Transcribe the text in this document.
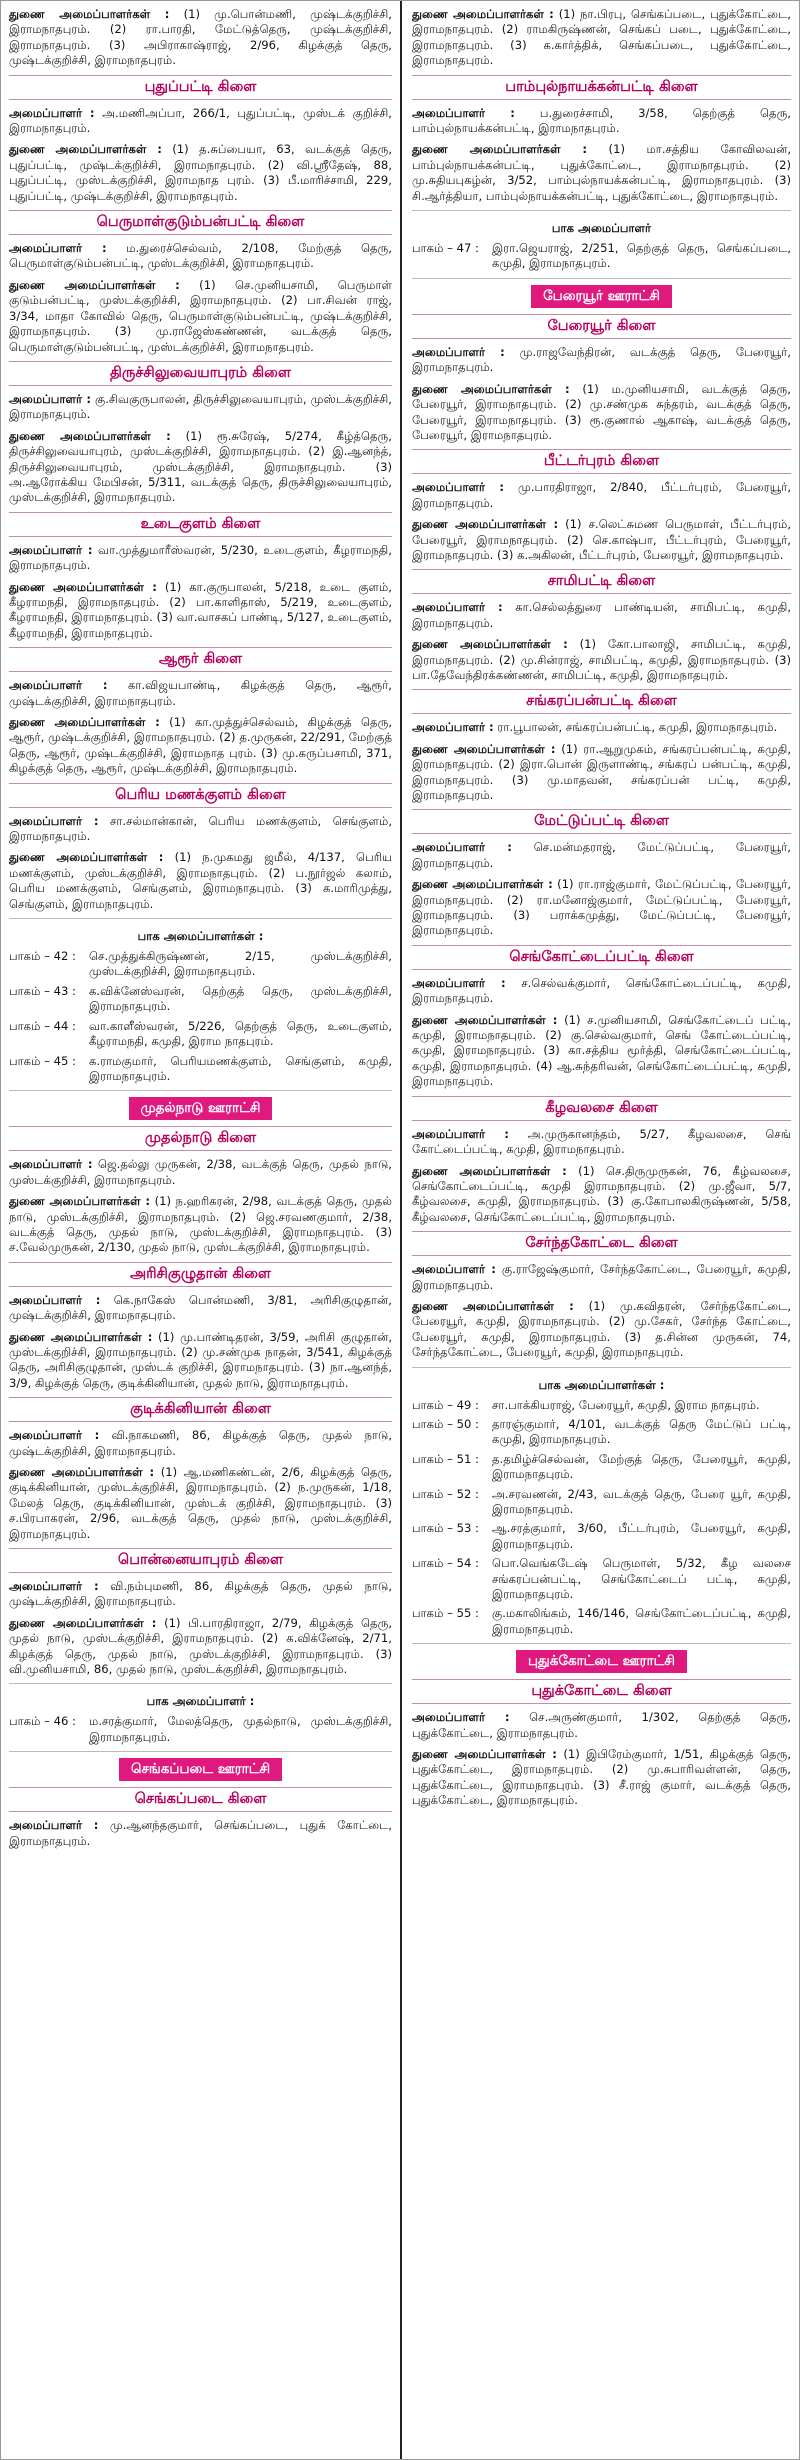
துணை அமைப்பாளர்கள் : (1) மு.பொன்மணி, முஷ்டக்குறிச்சி, இராமநாதபுரம். (2) ரா.பாரதி, மேட்டுத்தெரு, முஷ்டக்குறிச்சி, இராமநாதபுரம். (3) அபிராகாஷ்ராஜ், 2/96, கிழக்குத் தெரு, முஷ்டக்குறிச்சி, இராமநாதபுரம்.

புதுப்பட்டி கிளை

அமைப்பாளர் : அ.மணிஅப்பா, 266/1, புதுப்பட்டி, முஸ்டக் குறிச்சி, இராமநாதபுரம்.

துணை அமைப்பாளர்கள் : (1) த.சுப்பையா, 63, வடக்குத் தெரு, புதுப்பட்டி, முஷ்டக்குறிச்சி, இராமநாதபுரம். (2) வி.ஸ்ரீதேஷ், 88, புதுப்பட்டி, முஸ்டக்குறிச்சி, இராமநாத புரம். (3) பீ.மாரிச்சாமி, 229, புதுப்பட்டி, முஷ்டக்குறிச்சி, இராமநாதபுரம்.

பெருமாள்குடும்பன்பட்டி கிளை

அமைப்பாளர் : ம.துரைச்செல்வம், 2/108, மேற்குத் தெரு, பெருமாள்குடும்பன்பட்டி, முஸ்டக்குறிச்சி, இராமநாதபுரம்.

துணை அமைப்பாளர்கள் : (1) செ.முனியசாமி, பெருமாள் குடும்பன்பட்டி, முஸ்டக்குறிச்சி, இராமநாதபுரம். (2) பா.சிவன் ராஜ், 3/34, மாதா கோவில் தெரு, பெருமாள்குடும்பன்பட்டி, முஷ்டக்குறிச்சி, இராமநாதபுரம். (3) மு.ராஜேஸ்கண்ணன், வடக்குத் தெரு, பெருமாள்குடும்பன்பட்டி, முஸ்டக்குறிச்சி, இராமநாதபுரம்.

திருச்சிலுவையாபுரம் கிளை

அமைப்பாளர் : கு.சிவகுருபாலன், திருச்சிலுவையாபுரம், முஸ்டக்குறிச்சி, இராமநாதபுரம்.

துணை அமைப்பாளர்கள் : (1) ரூ.சுரேஷ், 5/274, கீழ்த்தெரு, திருச்சிலுவையாபுரம், முஸ்டக்குறிச்சி, இராமநாதபுரம். (2) இ.ஆனந்த், திருச்சிலுவையாபுரம், முஸ்டக்குறிச்சி, இராமநாதபுரம். (3) அ.ஆரோக்கிய மேபிசன், 5/311, வடக்குத் தெரு, திருச்சிலுவையாபுரம், முஸ்டக்குறிச்சி, இராமநாதபுரம்.

உடைகுளம் கிளை

அமைப்பாளர் : வா.முத்துமாரீஸ்வரன், 5/230, உடைகுளம், கீழராமநதி, இராமநாதபுரம்.

துணை அமைப்பாளர்கள் : (1) கா.குருபாலன், 5/218, உடை குளம், கீழராமநதி, இராமநாதபுரம். (2) பா.காளிதாஸ், 5/219, உடைகுளம், கீழராமநதி, இராமநாதபுரம். (3) வா.வாசகப் பாண்டி, 5/127, உடைகுளம், கீழராமநதி, இராமநாதபுரம்.

ஆரூர் கிளை

அமைப்பாளர் : கா.விஜயபாண்டி, கிழக்குத் தெரு, ஆரூர், முஷ்டக்குறிச்சி, இராமநாதபுரம்.

துணை அமைப்பாளர்கள் : (1) கா.முத்துச்செல்வம், கிழக்குத் தெரு, ஆரூர், முஷ்டக்குறிச்சி, இராமநாதபுரம். (2) த.முருகன், 22/291, மேற்குத் தெரு, ஆரூர், முஷ்டக்குறிச்சி, இராமநாத புரம். (3) மு.கருப்பசாமி, 371, கிழக்குத் தெரு, ஆரூர், முஷ்டக்குறிச்சி, இராமநாதபுரம்.

பெரிய மணக்குளம் கிளை

அமைப்பாளர் : சா.சல்மான்கான், பெரிய மணக்குளம், செங்குளம், இராமநாதபுரம்.

துணை அமைப்பாளர்கள் : (1) ந.முகமது ஜமீல், 4/137, பெரிய மணக்குளம், முஸ்டக்குறிச்சி, இராமநாதபுரம். (2) ப.நூர்ஜல் கலாம், பெரிய மணக்குளம், செங்குளம், இராமநாதபுரம். (3) க.மாரிமுத்து, செங்குளம், இராமநாதபுரம்.

பாக அமைப்பாளர்கள் :
பாகம் – 42 :	செ.முத்துக்கிருஷ்ணன், 2/15, முஸ்டக்குறிச்சி, முஸ்டக்குறிச்சி, இராமநாதபுரம்.
பாகம் – 43 :	க.விக்னேஸ்வரன், தெற்குத் தெரு, முஸ்டக்குறிச்சி, இராமநாதபுரம்.
பாகம் – 44 :	வா.காளீஸ்வரன், 5/226, தெற்குத் தெரு, உடைகுளம், கீழராமநதி, கமுதி, இராம நாதபுரம்.
பாகம் – 45 :	க.ராமகுமார், பெரியமணக்குளம், செங்குளம், கமுதி, இராமநாதபுரம்.
முதல்நாடு ஊராட்சி
முதல்நாடு கிளை

அமைப்பாளர் : ஜெ.தல்லு முருகன், 2/38, வடக்குத் தெரு, முதல் நாடு, முஸ்டக்குறிச்சி, இராமநாதபுரம்.

துணை அமைப்பாளர்கள் : (1) ந.ஹரிகரன், 2/98, வடக்குத் தெரு, முதல் நாடு, முஸ்டக்குறிச்சி, இராமநாதபுரம். (2) ஜெ.சரவணகுமார், 2/38, வடக்குத் தெரு, முதல் நாடு, முஸ்டக்குறிச்சி, இராமநாதபுரம். (3) ச.வேல்முருகன், 2/130, முதல் நாடு, முஸ்டக்குறிச்சி, இராமநாதபுரம்.

அரிசிகுழுதான் கிளை

அமைப்பாளர் : கெ.நாகேஸ் பொன்மணி, 3/81, அரிசிகுழுதான், முஷ்டக்குறிச்சி, இராமநாதபுரம்.

துணை அமைப்பாளர்கள் : (1) மு.பாண்டிதரன், 3/59, அரிசி குழுதான், முஸ்டக்குறிச்சி, இராமநாதபுரம். (2) மு.சண்முக நாதன், 3/541, கிழக்குத் தெரு, அரிசிகுழுதான், முஸ்டக் குறிச்சி, இராமநாதபுரம். (3) நா.ஆனந்த், 3/9, கிழக்குத் தெரு, குடிக்கினியான், முதல் நாடு, இராமநாதபுரம்.

குடிக்கினியான் கிளை

அமைப்பாளர் : வி.நாகமணி, 86, கிழக்குத் தெரு, முதல் நாடு, முஷ்டக்குறிச்சி, இராமநாதபுரம்.

துணை அமைப்பாளர்கள் : (1) ஆ.மணிகண்டன், 2/6, கிழக்குத் தெரு, குடிக்கினியான், முஸ்டக்குறிச்சி, இராமநாதபுரம். (2) ந.முருகன், 1/18, மேலத் தெரு, குடிக்கினியான், முஸ்டக் குறிச்சி, இராமநாதபுரம். (3) ச.பிரபாகரன், 2/96, வடக்குத் தெரு, முதல் நாடு, முஸ்டக்குறிச்சி, இராமநாதபுரம்.

பொன்னையாபுரம் கிளை

அமைப்பாளர் : வி.நம்புமணி, 86, கிழக்குத் தெரு, முதல் நாடு, முஷ்டக்குறிச்சி, இராமநாதபுரம்.

துணை அமைப்பாளர்கள் : (1) பி.பாரதிராஜா, 2/79, கிழக்குத் தெரு, முதல் நாடு, முஸ்டக்குறிச்சி, இராமநாதபுரம். (2) க.விக்னேஷ், 2/71, கிழக்குத் தெரு, முதல் நாடு, முஸ்டக்குறிச்சி, இராமநாதபுரம். (3) வி.முனியசாமி, 86, முதல் நாடு, முஸ்டக்குறிச்சி, இராமநாதபுரம்.

பாக அமைப்பாளர் :
பாகம் – 46 :	ம.சரத்குமார், மேலத்தெரு, முதல்நாடு, முஸ்டக்குறிச்சி, இராமநாதபுரம்.
செங்கப்படை ஊராட்சி
செங்கப்படை கிளை

அமைப்பாளர் : மு.ஆனந்தகுமார், செங்கப்படை, புதுக் கோட்டை, இராமநாதபுரம்.

துணை அமைப்பாளர்கள் : (1) நா.பிரபு, செங்கப்படை, புதுக்கோட்டை, இராமநாதபுரம். (2) ராமகிருஷ்ணன், செங்கப் படை, புதுக்கோட்டை, இராமநாதபுரம். (3) க.கார்த்திக், செங்கப்படை, புதுக்கோட்டை, இராமநாதபுரம்.

பாம்புல்நாயக்கன்பட்டி கிளை

அமைப்பாளர் : ப.துரைச்சாமி, 3/58, தெற்குத் தெரு, பாம்புல்நாயக்கன்பட்டி, இராமநாதபுரம்.

துணை அமைப்பாளர்கள் : (1) மா.சத்திய கோவிலவன், பாம்புல்நாயக்கன்பட்டி, புதுக்கோட்டை, இராமநாதபுரம். (2) மு.சுதியபுகழ்ன், 3/52, பாம்புல்நாயக்கன்பட்டி, இராமநாதபுரம். (3) சி.ஆர்த்தியா, பாம்புல்நாயக்கன்பட்டி, புதுக்கோட்டை, இராமநாதபுரம்.

பாக அமைப்பாளர்
பாகம் – 47 :	இரா.ஜெயராஜ், 2/251, தெற்குத் தெரு, செங்கப்படை, கமுதி, இராமநாதபுரம்.
பேரையூர் ஊராட்சி
பேரையூர் கிளை

அமைப்பாளர் : மு.ராஜவேந்திரன், வடக்குத் தெரு, பேரையூர், இராமநாதபுரம்.

துணை அமைப்பாளர்கள் : (1) ம.முனியசாமி, வடக்குத் தெரு, பேரையூர், இராமநாதபுரம். (2) மு.சண்முக சுந்தரம், வடக்குத் தெரு, பேரையூர், இராமநாதபுரம். (3) ரூ.குணால் ஆகாஷ், வடக்குத் தெரு, பேரையூர், இராமநாதபுரம்.

பீட்டர்புரம் கிளை

அமைப்பாளர் : மு.பாரதிராஜா, 2/840, பீட்டர்புரம், பேரையூர், இராமநாதபுரம்.

துணை அமைப்பாளர்கள் : (1) ச.லெட்சுமண பெருமாள், பீட்டர்புரம், பேரையூர், இராமநாதபுரம். (2) செ.காஷ்பா, பீட்டர்புரம், பேரையூர், இராமநாதபுரம். (3) க.அகிலன், பீட்டர்புரம், பேரையூர், இராமநாதபுரம்.

சாமிபட்டி கிளை

அமைப்பாளர் : கா.செல்லத்துரை பாண்டியன், சாமிபட்டி, கமுதி, இராமநாதபுரம்.

துணை அமைப்பாளர்கள் : (1) கோ.பாலாஜி, சாமிபட்டி, கமுதி, இராமநாதபுரம். (2) மு.சின்ராஜ், சாமிபட்டி, கமுதி, இராமநாதபுரம். (3) பா.தேவேந்திரக்கண்ணன், சாமிபட்டி, கமுதி, இராமநாதபுரம்.

சங்கரப்பன்பட்டி கிளை

அமைப்பாளர் : ரா.பூபாலன், சங்கரப்பன்பட்டி, கமுதி, இராமநாதபுரம்.

துணை அமைப்பாளர்கள் : (1) ரா.ஆறுமுகம், சங்கரப்பன்பட்டி, கமுதி, இராமநாதபுரம். (2) இரா.பொன் இருளாண்டி, சங்கரப் பன்பட்டி, கமுதி, இராமநாதபுரம். (3) மு.மாதவன், சங்கரப்பன் பட்டி, கமுதி, இராமநாதபுரம்.

மேட்டுப்பட்டி கிளை

அமைப்பாளர் : செ.மன்மதராஜ், மேட்டுப்பட்டி, பேரையூர், இராமநாதபுரம்.

துணை அமைப்பாளர்கள் : (1) ரா.ராஜ்குமார், மேட்டுப்பட்டி, பேரையூர், இராமநாதபுரம். (2) ரா.மனோஜ்குமார், மேட்டுப்பட்டி, பேரையூர், இராமநாதபுரம். (3) பராக்கமுத்து, மேட்டுப்பட்டி, பேரையூர், இராமநாதபுரம்.

செங்கோட்டைப்பட்டி கிளை

அமைப்பாளர் : ச.செல்வக்குமார், செங்கோட்டைப்பட்டி, கமுதி, இராமநாதபுரம்.

துணை அமைப்பாளர்கள் : (1) ச.முனியசாமி, செங்கோட்டைப் பட்டி, கமுதி, இராமநாதபுரம். (2) கு.செல்வகுமார், செங் கோட்டைப்பட்டி, கமுதி, இராமநாதபுரம். (3) கா.சத்திய மூர்த்தி, செங்கோட்டைப்பட்டி, கமுதி, இராமநாதபுரம். (4) ஆ.சுந்தரிவன், செங்கோட்டைப்பட்டி, கமுதி, இராமநாதபுரம்.

கீழவலசை கிளை

அமைப்பாளர் : அ.முருகானந்தம், 5/27, கீழவலசை, செங் கோட்டைப்பட்டி, கமுதி, இராமநாதபுரம்.

துணை அமைப்பாளர்கள் : (1) செ.திருமுருகன், 76, கீழ்வலசை, செங்கோட்டைப்பட்டி, கமுதி இராமநாதபுரம். (2) மு.ஜீவா, 5/7, கீழ்வலசை, கமுதி, இராமநாதபுரம். (3) கு.கோபாலகிருஷ்ணன், 5/58, கீழ்வலசை, செங்கோட்டைப்பட்டி, இராமநாதபுரம்.

சேர்ந்தகோட்டை கிளை

அமைப்பாளர் : கு.ராஜேஷ்குமார், சேர்ந்தகோட்டை, பேரையூர், கமுதி, இராமநாதபுரம்.

துணை அமைப்பாளர்கள் : (1) மு.கவிதரன், சேர்ந்தகோட்டை, பேரையூர், கமுதி, இராமநாதபுரம். (2) மு.சேகர், சேர்ந்த கோட்டை, பேரையூர், கமுதி, இராமநாதபுரம். (3) த.சின்ன முருகன், 74, சேர்ந்தகோட்டை, பேரையூர், கமுதி, இராமநாதபுரம்.

பாக அமைப்பாளர்கள் :
பாகம் – 49 :	சா.பாக்கியராஜ், பேரையூர், கமுதி, இராம நாதபுரம்.
பாகம் – 50 :	தாரஞ்குமார், 4/101, வடக்குத் தெரு மேட்டுப் பட்டி, கமுதி, இராமநாதபுரம்.
பாகம் – 51 :	த.தமிழ்ச்செல்வன், மேற்குத் தெரு, பேரையூர், கமுதி, இராமநாதபுரம்.
பாகம் – 52 :	அ.சரவணன், 2/43, வடக்குத் தெரு, பேரை யூர், கமுதி, இராமநாதபுரம்.
பாகம் – 53 :	ஆ.சரத்குமார், 3/60, பீட்டர்புரம், பேரையூர், கமுதி, இராமநாதபுரம்.
பாகம் – 54 :	பொ.வெங்கடேஷ் பெருமாள், 5/32, கீழ வலசை சங்கரப்பன்பட்டி, செங்கோட்டைப் பட்டி, கமுதி, இராமநாதபுரம்.
பாகம் – 55 :	கு.மகாலிங்கம், 146/146, செங்கோட்டைப்பட்டி, கமுதி, இராமநாதபுரம்.
புதுக்கோட்டை ஊராட்சி
புதுக்கோட்டை கிளை

அமைப்பாளர் : செ.அருண்குமார், 1/302, தெற்குத் தெரு, புதுக்கோட்டை, இராமநாதபுரம்.

துணை அமைப்பாளர்கள் : (1) இபிரேம்குமார், 1/51, கிழக்குத் தெரு, புதுக்கோட்டை, இராமநாதபுரம். (2) மு.சுபாரிவள்ளன், தெரு, புதுக்கோட்டை, இராமநாதபுரம். (3) சீ.ராஜ் குமார், வடக்குத் தெரு, புதுக்கோட்டை, இராமநாதபுரம்.
